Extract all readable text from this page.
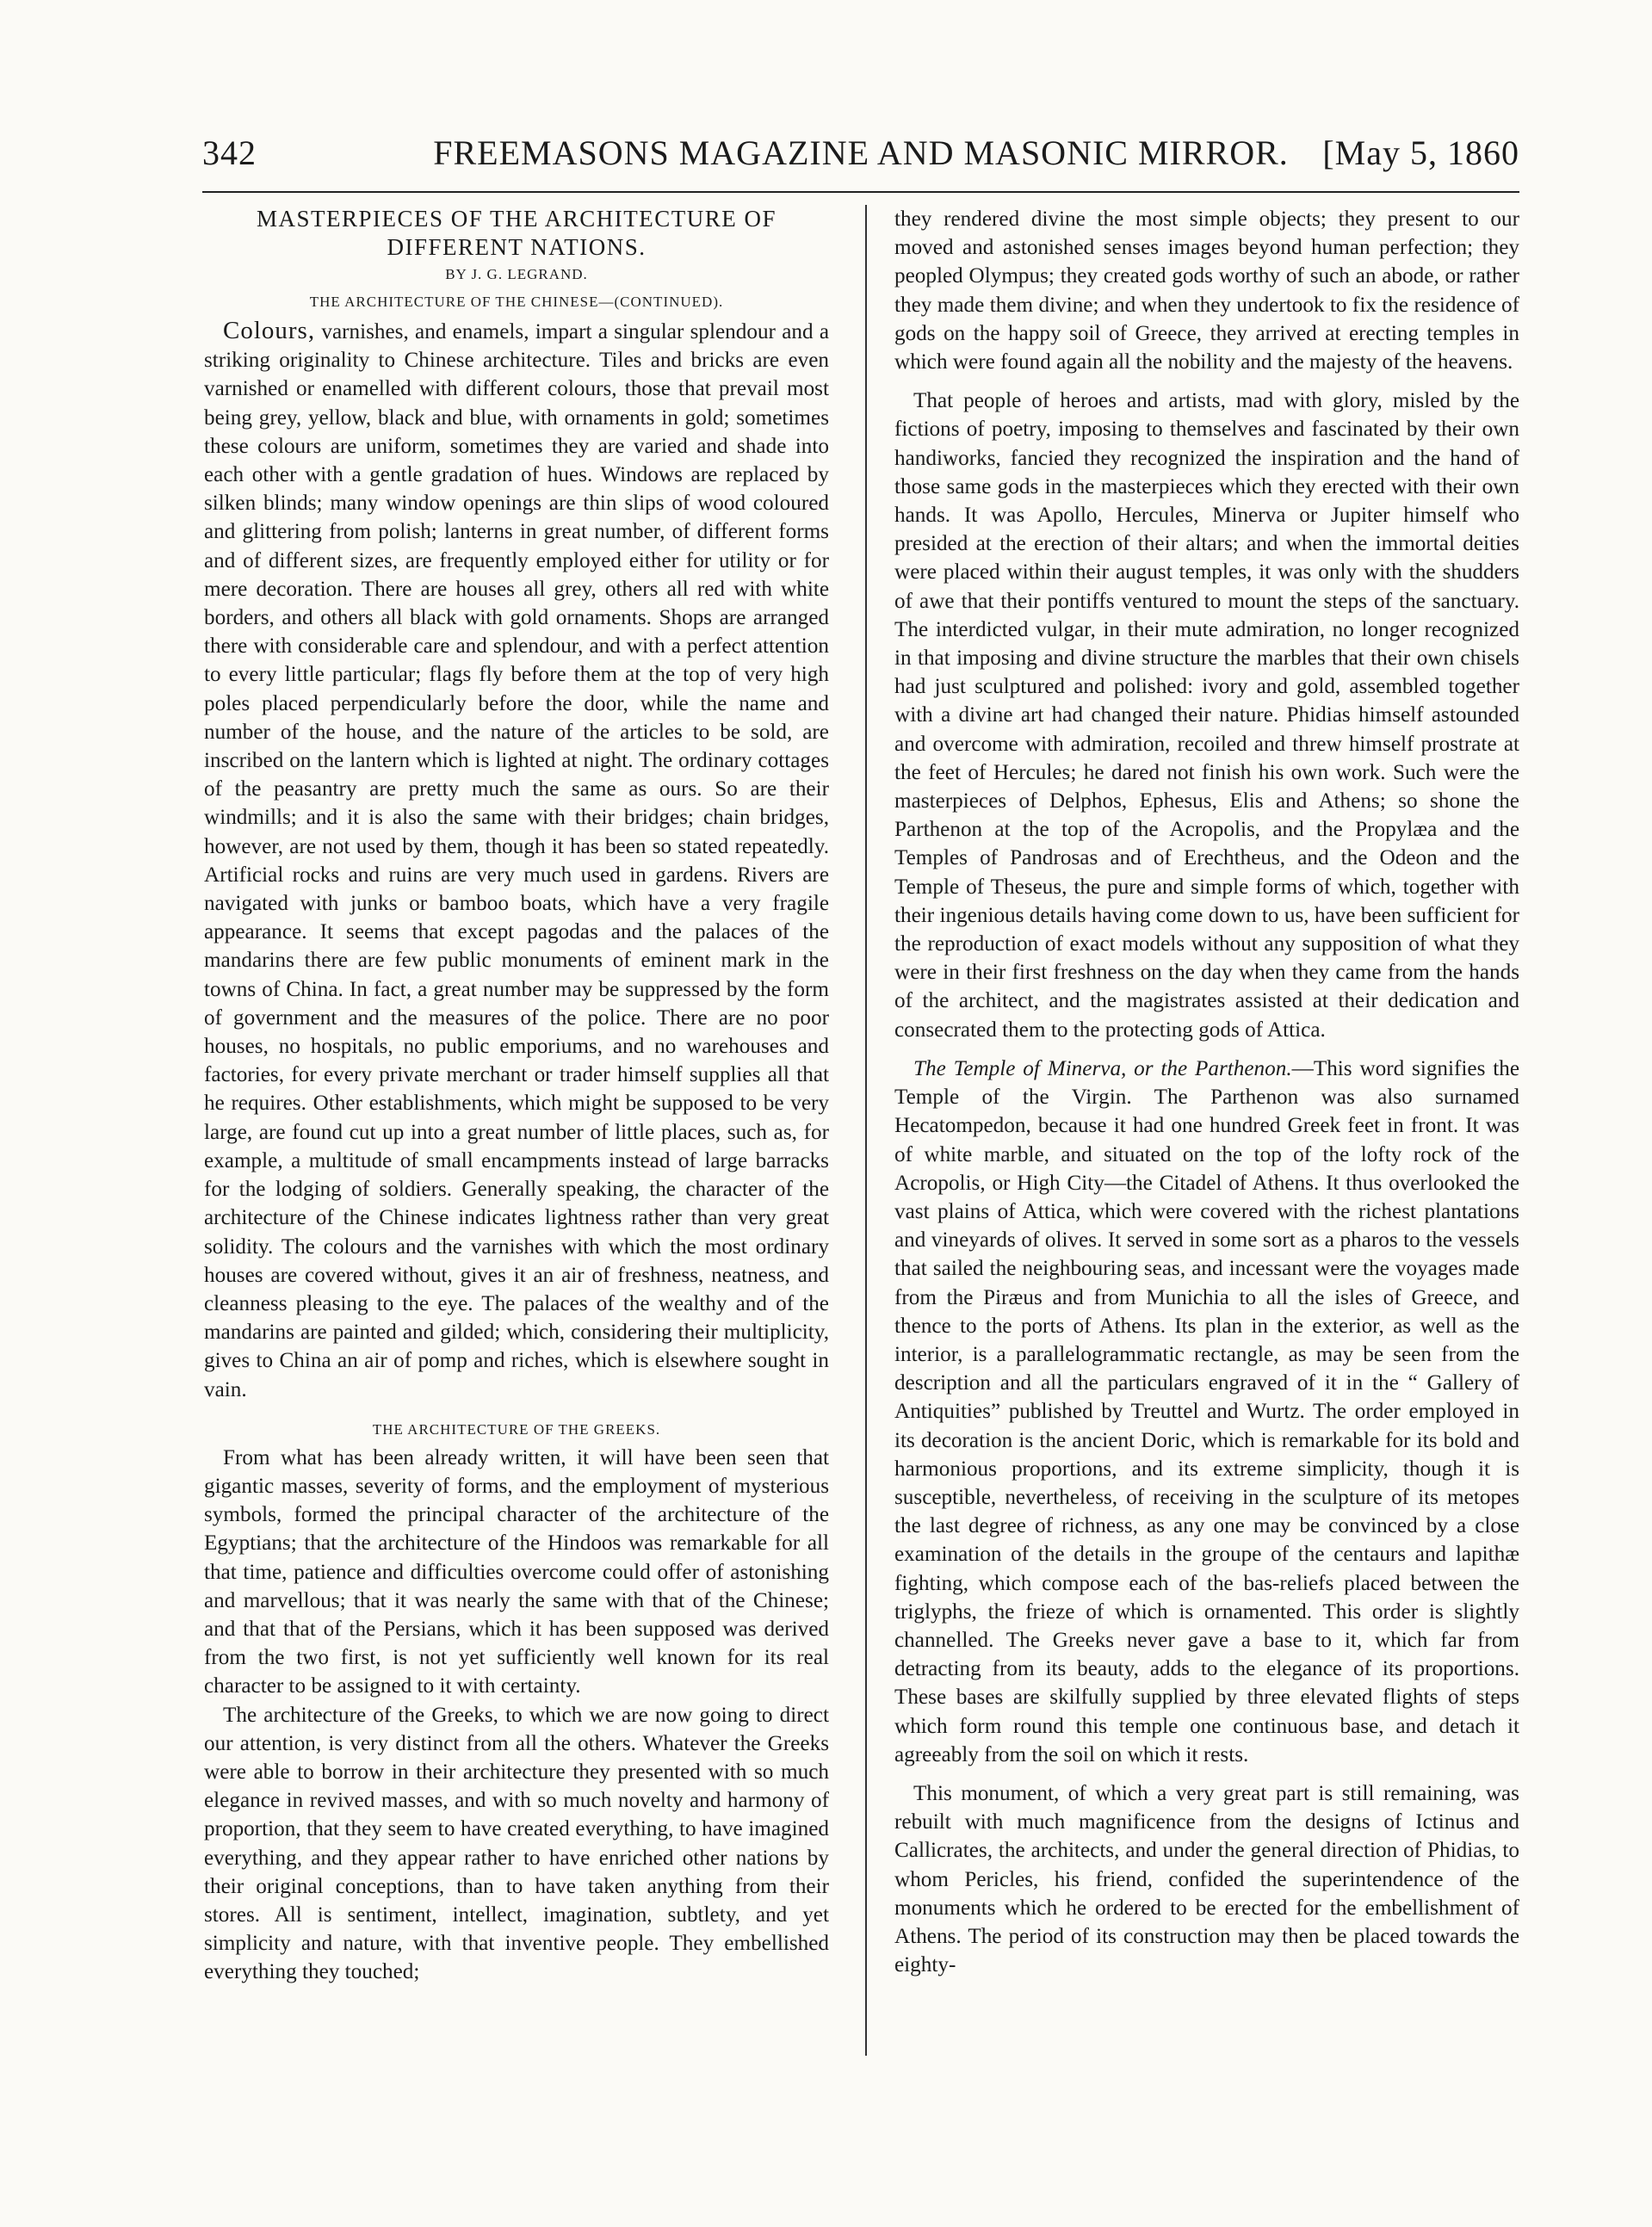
342	FREEMASONS MAGAZINE AND MASONIC MIRROR. [May 5, 1860
MASTERPIECES OF THE ARCHITECTURE OF DIFFERENT NATIONS.
BY J. G. LEGRAND.
THE ARCHITECTURE OF THE CHINESE—(CONTINUED).

Colours, varnishes, and enamels, impart a singular splendour and a striking originality to Chinese architecture. Tiles and bricks are even varnished or enamelled with different colours, those that prevail most being grey, yellow, black and blue, with ornaments in gold; sometimes these colours are uniform, sometimes they are varied and shade into each other with a gentle gradation of hues. Windows are replaced by silken blinds; many window openings are thin slips of wood coloured and glittering from polish; lanterns in great number, of different forms and of different sizes, are frequently employed either for utility or for mere decoration. There are houses all grey, others all red with white borders, and others all black with gold ornaments. Shops are arranged there with considerable care and splendour, and with a perfect attention to every little particular; flags fly before them at the top of very high poles placed perpendicularly before the door, while the name and number of the house, and the nature of the articles to be sold, are inscribed on the lantern which is lighted at night. The ordinary cottages of the peasantry are pretty much the same as ours. So are their windmills; and it is also the same with their bridges; chain bridges, however, are not used by them, though it has been so stated repeatedly. Artificial rocks and ruins are very much used in gardens. Rivers are navigated with junks or bamboo boats, which have a very fragile appearance. It seems that except pagodas and the palaces of the mandarins there are few public monuments of eminent mark in the towns of China. In fact, a great number may be suppressed by the form of government and the measures of the police. There are no poor houses, no hospitals, no public emporiums, and no warehouses and factories, for every private merchant or trader himself supplies all that he requires. Other establishments, which might be supposed to be very large, are found cut up into a great number of little places, such as, for example, a multitude of small encampments instead of large barracks for the lodging of soldiers. Generally speaking, the character of the architecture of the Chinese indicates lightness rather than very great solidity. The colours and the varnishes with which the most ordinary houses are covered without, gives it an air of freshness, neatness, and cleanness pleasing to the eye. The palaces of the wealthy and of the mandarins are painted and gilded; which, considering their multiplicity, gives to China an air of pomp and riches, which is elsewhere sought in vain.

THE ARCHITECTURE OF THE GREEKS.

From what has been already written, it will have been seen that gigantic masses, severity of forms, and the employment of mysterious symbols, formed the principal character of the architecture of the Egyptians; that the architecture of the Hindoos was remarkable for all that time, patience and difficulties overcome could offer of astonishing and marvellous; that it was nearly the same with that of the Chinese; and that that of the Persians, which it has been supposed was derived from the two first, is not yet sufficiently well known for its real character to be assigned to it with certainty.

The architecture of the Greeks, to which we are now going to direct our attention, is very distinct from all the others. Whatever the Greeks were able to borrow in their architecture they presented with so much elegance in revived masses, and with so much novelty and harmony of proportion, that they seem to have created everything, to have imagined everything, and they appear rather to have enriched other nations by their original conceptions, than to have taken anything from their stores. All is sentiment, intellect, imagination, subtlety, and yet simplicity and nature, with that inventive people. They embellished everything they touched;

they rendered divine the most simple objects; they present to our moved and astonished senses images beyond human perfection; they peopled Olympus; they created gods worthy of such an abode, or rather they made them divine; and when they undertook to fix the residence of gods on the happy soil of Greece, they arrived at erecting temples in which were found again all the nobility and the majesty of the heavens.

That people of heroes and artists, mad with glory, misled by the fictions of poetry, imposing to themselves and fascinated by their own handiworks, fancied they recognized the inspiration and the hand of those same gods in the masterpieces which they erected with their own hands. It was Apollo, Hercules, Minerva or Jupiter himself who presided at the erection of their altars; and when the immortal deities were placed within their august temples, it was only with the shudders of awe that their pontiffs ventured to mount the steps of the sanctuary. The interdicted vulgar, in their mute admiration, no longer recognized in that imposing and divine structure the marbles that their own chisels had just sculptured and polished: ivory and gold, assembled together with a divine art had changed their nature. Phidias himself astounded and overcome with admiration, recoiled and threw himself prostrate at the feet of Hercules; he dared not finish his own work. Such were the masterpieces of Delphos, Ephesus, Elis and Athens; so shone the Parthenon at the top of the Acropolis, and the Propylæa and the Temples of Pandrosas and of Erechtheus, and the Odeon and the Temple of Theseus, the pure and simple forms of which, together with their ingenious details having come down to us, have been sufficient for the reproduction of exact models without any supposition of what they were in their first freshness on the day when they came from the hands of the architect, and the magistrates assisted at their dedication and consecrated them to the protecting gods of Attica.

The Temple of Minerva, or the Parthenon.—This word signifies the Temple of the Virgin. The Parthenon was also surnamed Hecatompedon, because it had one hundred Greek feet in front. It was of white marble, and situated on the top of the lofty rock of the Acropolis, or High City—the Citadel of Athens. It thus overlooked the vast plains of Attica, which were covered with the richest plantations and vineyards of olives. It served in some sort as a pharos to the vessels that sailed the neighbouring seas, and incessant were the voyages made from the Piræus and from Munichia to all the isles of Greece, and thence to the ports of Athens. Its plan in the exterior, as well as the interior, is a parallelogrammatic rectangle, as may be seen from the description and all the particulars engraved of it in the “ Gallery of Antiquities” published by Treuttel and Wurtz. The order employed in its decoration is the ancient Doric, which is remarkable for its bold and harmonious proportions, and its extreme simplicity, though it is susceptible, nevertheless, of receiving in the sculpture of its metopes the last degree of richness, as any one may be convinced by a close examination of the details in the groupe of the centaurs and lapithæ fighting, which compose each of the bas-reliefs placed between the triglyphs, the frieze of which is ornamented. This order is slightly channelled. The Greeks never gave a base to it, which far from detracting from its beauty, adds to the elegance of its proportions. These bases are skilfully supplied by three elevated flights of steps which form round this temple one continuous base, and detach it agreeably from the soil on which it rests.

This monument, of which a very great part is still remaining, was rebuilt with much magnificence from the designs of Ictinus and Callicrates, the architects, and under the general direction of Phidias, to whom Pericles, his friend, confided the superintendence of the monuments which he ordered to be erected for the embellishment of Athens. The period of its construction may then be placed towards the eighty-
